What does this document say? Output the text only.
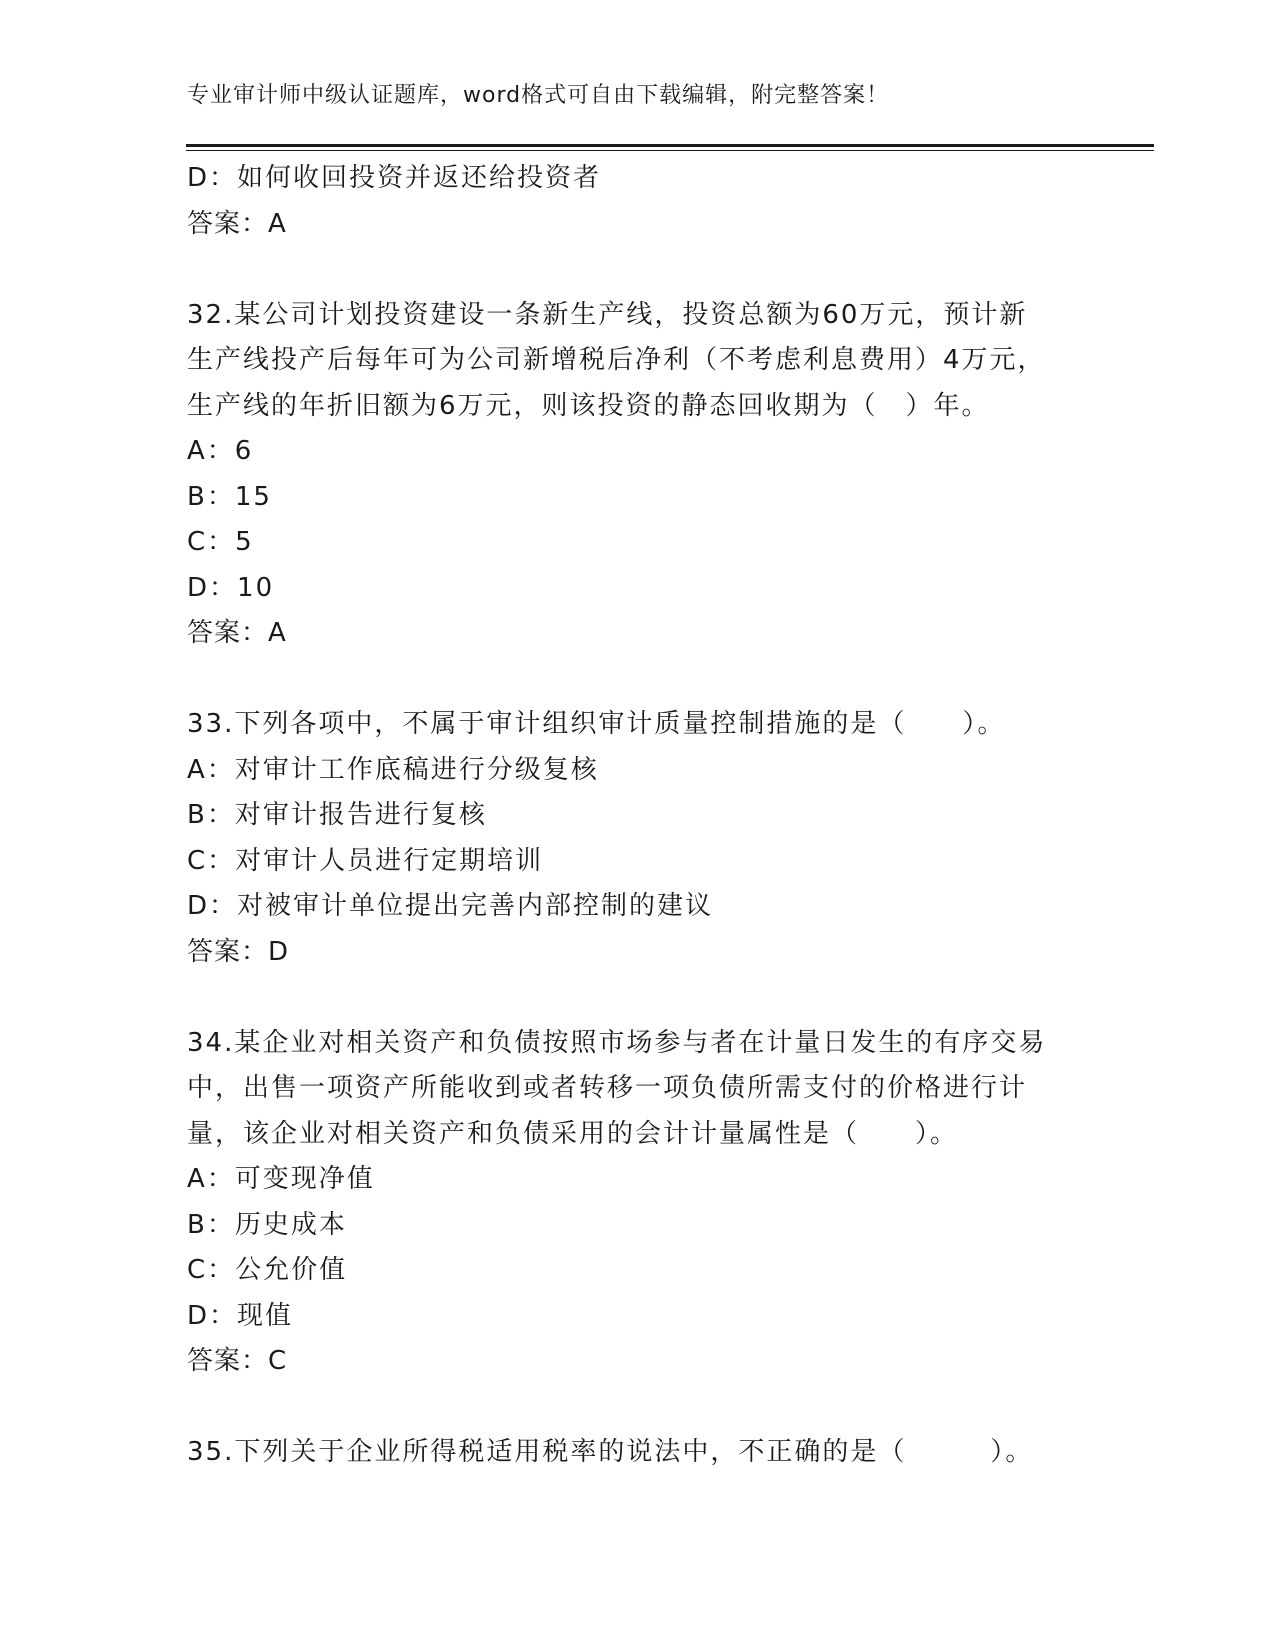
专业审计师中级认证题库，word格式可自由下载编辑，附完整答案！
D：如何收回投资并返还给投资者
答案：A
32.某公司计划投资建设一条新生产线，投资总额为60万元，预计新
生产线投产后每年可为公司新增税后净利（不考虑利息费用）4万元，
生产线的年折旧额为6万元，则该投资的静态回收期为（　）年。
A：6
B：15
C：5
D：10
答案：A
33.下列各项中，不属于审计组织审计质量控制措施的是（　　）。
A：对审计工作底稿进行分级复核
B：对审计报告进行复核
C：对审计人员进行定期培训
D：对被审计单位提出完善内部控制的建议
答案：D
34.某企业对相关资产和负债按照市场参与者在计量日发生的有序交易
中，出售一项资产所能收到或者转移一项负债所需支付的价格进行计
量，该企业对相关资产和负债采用的会计计量属性是（　　）。
A：可变现净值
B：历史成本
C：公允价值
D：现值
答案：C
35.下列关于企业所得税适用税率的说法中，不正确的是（　　　）。
